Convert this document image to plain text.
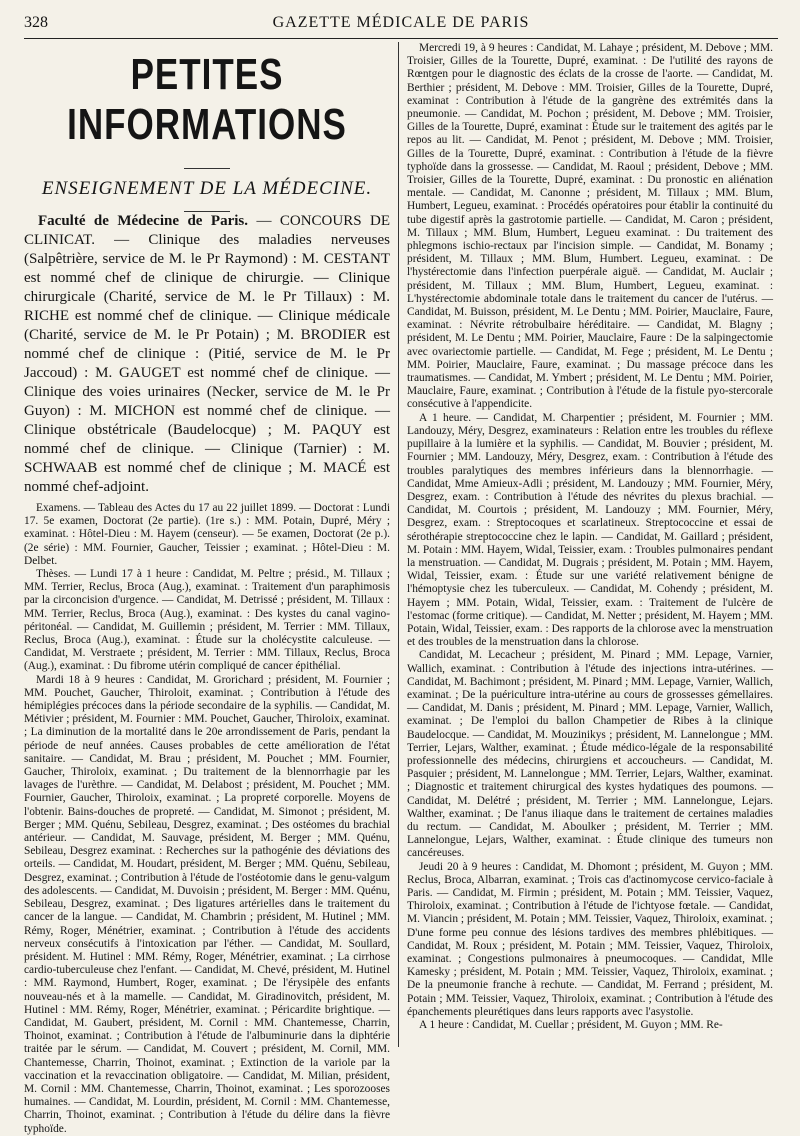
328	GAZETTE MÉDICALE DE PARIS
PETITES INFORMATIONS
ENSEIGNEMENT DE LA MÉDECINE.

Faculté de Médecine de Paris. — CONCOURS DE CLINICAT. — Clinique des maladies nerveuses (Salpêtrière, service de M. le Pr Raymond) : M. CESTANT est nommé chef de clinique de chirurgie. — Clinique chirurgicale (Charité, service de M. le Pr Tillaux) : M. RICHE est nommé chef de clinique. — Clinique médicale (Charité, service de M. le Pr Potain) ; M. BRODIER est nommé chef de clinique : (Pitié, service de M. le Pr Jaccoud) : M. GAUGET est nommé chef de clinique. — Clinique des voies urinaires (Necker, service de M. le Pr Guyon) : M. MICHON est nommé chef de clinique. — Clinique obstétricale (Baudelocque) ; M. PAQUY est nommé chef de clinique. — Clinique (Tarnier) : M. SCHWAAB est nommé chef de clinique ; M. MACÉ est nommé chef-adjoint.

Examens. — Tableau des Actes du 17 au 22 juillet 1899. — Doctorat : Lundi 17. 5e examen, Doctorat (2e partie). (1re s.) : MM. Potain, Dupré, Méry ; examinat. : Hôtel-Dieu : M. Hayem (censeur). — 5e examen, Doctorat (2e p.). (2e série) : MM. Fournier, Gaucher, Teissier ; examinat. ; Hôtel-Dieu : M. Delbet.

Thèses. — Lundi 17 à 1 heure : Candidat, M. Peltre ; présid., M. Tillaux ; MM. Terrier, Reclus, Broca (Aug.), examinat. : Traitement d'un paraphimosis par la circoncision d'urgence. — Candidat, M. Detrissé ; président, M. Tillaux : MM. Terrier, Reclus, Broca (Aug.), examinat. : Des kystes du canal vagino-péritonéal. — Candidat, M. Guillemin ; président, M. Terrier : MM. Tillaux, Reclus, Broca (Aug.), examinat. : Étude sur la cholécystite calculeuse. — Candidat, M. Verstraete ; président, M. Terrier : MM. Tillaux, Reclus, Broca (Aug.), examinat. : Du fibrome utérin compliqué de cancer épithélial.

Mardi 18 à 9 heures : Candidat, M. Grorichard ; président, M. Fournier ; MM. Pouchet, Gaucher, Thiroloit, examinat. ; Contribution à l'étude des hémiplégies précoces dans la période secondaire de la syphilis. — Candidat, M. Métivier ; président, M. Fournier : MM. Pouchet, Gaucher, Thiroloix, examinat. ; La diminution de la mortalité dans le 20e arrondissement de Paris, pendant la période de neuf années. Causes probables de cette amélioration de l'état sanitaire. — Candidat, M. Brau ; président, M. Pouchet ; MM. Fournier, Gaucher, Thiroloix, examinat. ; Du traitement de la blennorrhagie par les lavages de l'urèthre. — Candidat, M. Delabost ; président, M. Pouchet ; MM. Fournier, Gaucher, Thiroloix, examinat. ; La propreté corporelle. Moyens de l'obtenir. Bains-douches de propreté. — Candidat, M. Simonot ; président, M. Berger ; MM. Quénu, Sebileau, Desgrez, examinat. ; Des ostéomes du brachial antérieur. — Candidat, M. Sauvage, président, M. Berger ; MM. Quénu, Sebileau, Desgrez examinat. : Recherches sur la pathogénie des déviations des orteils. — Candidat, M. Houdart, président, M. Berger ; MM. Quénu, Sebileau, Desgrez, examinat. ; Contribution à l'étude de l'ostéotomie dans le genu-valgum des adolescents. — Candidat, M. Duvoisin ; président, M. Berger : MM. Quénu, Sebileau, Desgrez, examinat. ; Des ligatures artérielles dans le traitement du cancer de la langue. — Candidat, M. Chambrin ; président, M. Hutinel ; MM. Rémy, Roger, Ménétrier, examinat. ; Contribution à l'étude des accidents nerveux consécutifs à l'intoxication par l'éther. — Candidat, M. Soullard, président. M. Hutinel : MM. Rémy, Roger, Ménétrier, examinat. ; La cirrhose cardio-tuberculeuse chez l'enfant. — Candidat, M. Chevé, président, M. Hutinel : MM. Raymond, Humbert, Roger, examinat. ; De l'érysipèle des enfants nouveau-nés et à la mamelle. — Candidat, M. Giradinovitch, président, M. Hutinel : MM. Rémy, Roger, Ménétrier, examinat. ; Péricardite brightique. — Candidat, M. Gaubert, président, M. Cornil : MM. Chantemesse, Charrin, Thoinot, examinat. ; Contribution à l'étude de l'albuminurie dans la diphtérie traitée par le sérum. — Candidat, M. Couvert ; président, M. Cornil, MM. Chantemesse, Charrin, Thoinot, examinat. ; Extinction de la variole par la vaccination et la revaccination obligatoire. — Candidat, M. Milian, président, M. Cornil : MM. Chantemesse, Charrin, Thoinot, examinat. ; Les sporozooses humaines. — Candidat, M. Lourdin, président, M. Cornil : MM. Chantemesse, Charrin, Thoinot, examinat. ; Contribution à l'étude du délire dans la fièvre typhoïde.

Mercredi 19, à 9 heures : Candidat, M. Lahaye ; président, M. Debove ; MM. Troisier, Gilles de la Tourette, Dupré, examinat. : De l'utilité des rayons de Rœntgen pour le diagnostic des éclats de la crosse de l'aorte. — Candidat, M. Berthier ; président, M. Debove : MM. Troisier, Gilles de la Tourette, Dupré, examinat : Contribution à l'étude de la gangrène des extrémités dans la pneumonie. — Candidat, M. Pochon ; président, M. Debove ; MM. Troisier, Gilles de la Tourette, Dupré, examinat : Étude sur le traitement des agités par le repos au lit. — Candidat, M. Penot ; président, M. Debove ; MM. Troisier, Gilles de la Tourette, Dupré, examinat. : Contribution à l'étude de la fièvre typhoïde dans la grossesse. — Candidat, M. Raoul ; président, Debove ; MM. Troisier, Gilles de la Tourette, Dupré, examinat. : Du pronostic en aliénation mentale. — Candidat, M. Canonne ; président, M. Tillaux ; MM. Blum, Humbert, Legueu, examinat. : Procédés opératoires pour établir la continuité du tube digestif après la gastrotomie partielle. — Candidat, M. Caron ; président, M. Tillaux ; MM. Blum, Humbert, Legueu examinat. : Du traitement des phlegmons ischio-rectaux par l'incision simple. — Candidat, M. Bonamy ; président, M. Tillaux ; MM. Blum, Humbert. Legueu, examinat. : De l'hystérectomie dans l'infection puerpérale aiguë. — Candidat, M. Auclair ; président, M. Tillaux ; MM. Blum, Humbert, Legueu, examinat. : L'hystérectomie abdominale totale dans le traitement du cancer de l'utérus. — Candidat, M. Buisson, président, M. Le Dentu ; MM. Poirier, Mauclaire, Faure, examinat. : Névrite rétrobulbaire héréditaire. — Candidat, M. Blagny ; président, M. Le Dentu ; MM. Poirier, Mauclaire, Faure : De la salpingectomie avec ovariectomie partielle. — Candidat, M. Fege ; président, M. Le Dentu ; MM. Poirier, Mauclaire, Faure, examinat. ; Du massage précoce dans les traumatismes. — Candidat, M. Ymbert ; président, M. Le Dentu ; MM. Poirier, Mauclaire, Faure, examinat. ; Contribution à l'étude de la fistule pyo-stercorale consécutive à l'appendicite.

A 1 heure. — Candidat, M. Charpentier ; président, M. Fournier ; MM. Landouzy, Méry, Desgrez, examinateurs : Relation entre les troubles du réflexe pupillaire à la lumière et la syphilis. — Candidat, M. Bouvier ; président, M. Fournier ; MM. Landouzy, Méry, Desgrez, exam. : Contribution à l'étude des troubles paralytiques des membres inférieurs dans la blennorrhagie. — Candidat, Mme Amieux-Adli ; président, M. Landouzy ; MM. Fournier, Méry, Desgrez, exam. : Contribution à l'étude des névrites du plexus brachial. — Candidat, M. Courtois ; président, M. Landouzy ; MM. Fournier, Méry, Desgrez, exam. : Streptocoques et scarlatineux. Streptococcine et essai de sérothérapie streptococcine chez le lapin. — Candidat, M. Gaillard ; président, M. Potain : MM. Hayem, Widal, Teissier, exam. : Troubles pulmonaires pendant la menstruation. — Candidat, M. Dugrais ; président, M. Potain ; MM. Hayem, Widal, Teissier, exam. : Étude sur une variété relativement bénigne de l'hémoptysie chez les tuberculeux. — Candidat, M. Cohendy ; président, M. Hayem ; MM. Potain, Widal, Teissier, exam. : Traitement de l'ulcère de l'estomac (forme critique). — Candidat, M. Netter ; président, M. Hayem ; MM. Potain, Widal, Teissier, exam. : Des rapports de la chlorose avec la menstruation et des troubles de la menstruation dans la chlorose.

Candidat, M. Lecacheur ; président, M. Pinard ; MM. Lepage, Varnier, Wallich, examinat. : Contribution à l'étude des injections intra-utérines. — Candidat, M. Bachimont ; président, M. Pinard ; MM. Lepage, Varnier, Wallich, examinat. ; De la puériculture intra-utérine au cours de grossesses gémellaires. — Candidat, M. Danis ; président, M. Pinard ; MM. Lepage, Varnier, Wallich, examinat. ; De l'emploi du ballon Champetier de Ribes à la clinique Baudelocque. — Candidat, M. Mouzinikys ; président, M. Lannelongue ; MM. Terrier, Lejars, Walther, examinat. ; Étude médico-légale de la responsabilité professionnelle des médecins, chirurgiens et accoucheurs. — Candidat, M. Pasquier ; président, M. Lannelongue ; MM. Terrier, Lejars, Walther, examinat. ; Diagnostic et traitement chirurgical des kystes hydatiques des poumons. — Candidat, M. Delétré ; président, M. Terrier ; MM. Lannelongue, Lejars. Walther, examinat. ; De l'anus iliaque dans le traitement de certaines maladies du rectum. — Candidat, M. Aboulker ; président, M. Terrier ; MM. Lannelongue, Lejars, Walther, examinat. : Étude clinique des tumeurs non cancéreuses.

Jeudi 20 à 9 heures : Candidat, M. Dhomont ; président, M. Guyon ; MM. Reclus, Broca, Albarran, examinat. ; Trois cas d'actinomycose cervico-faciale à Paris. — Candidat, M. Firmin ; président, M. Potain ; MM. Teissier, Vaquez, Thiroloix, examinat. ; Contribution à l'étude de l'ichtyose fœtale. — Candidat, M. Viancin ; président, M. Potain ; MM. Teissier, Vaquez, Thiroloix, examinat. ; D'une forme peu connue des lésions tardives des membres phlébitiques. — Candidat, M. Roux ; président, M. Potain ; MM. Teissier, Vaquez, Thiroloix, examinat. ; Congestions pulmonaires à pneumocoques. — Candidat, Mlle Kamesky ; président, M. Potain ; MM. Teissier, Vaquez, Thiroloix, examinat. ; De la pneumonie franche à rechute. — Candidat, M. Ferrand ; président, M. Potain ; MM. Teissier, Vaquez, Thiroloix, examinat. ; Contribution à l'étude des épanchements pleurétiques dans leurs rapports avec l'asystolie.

A 1 heure : Candidat, M. Cuellar ; président, M. Guyon ; MM. Re-
